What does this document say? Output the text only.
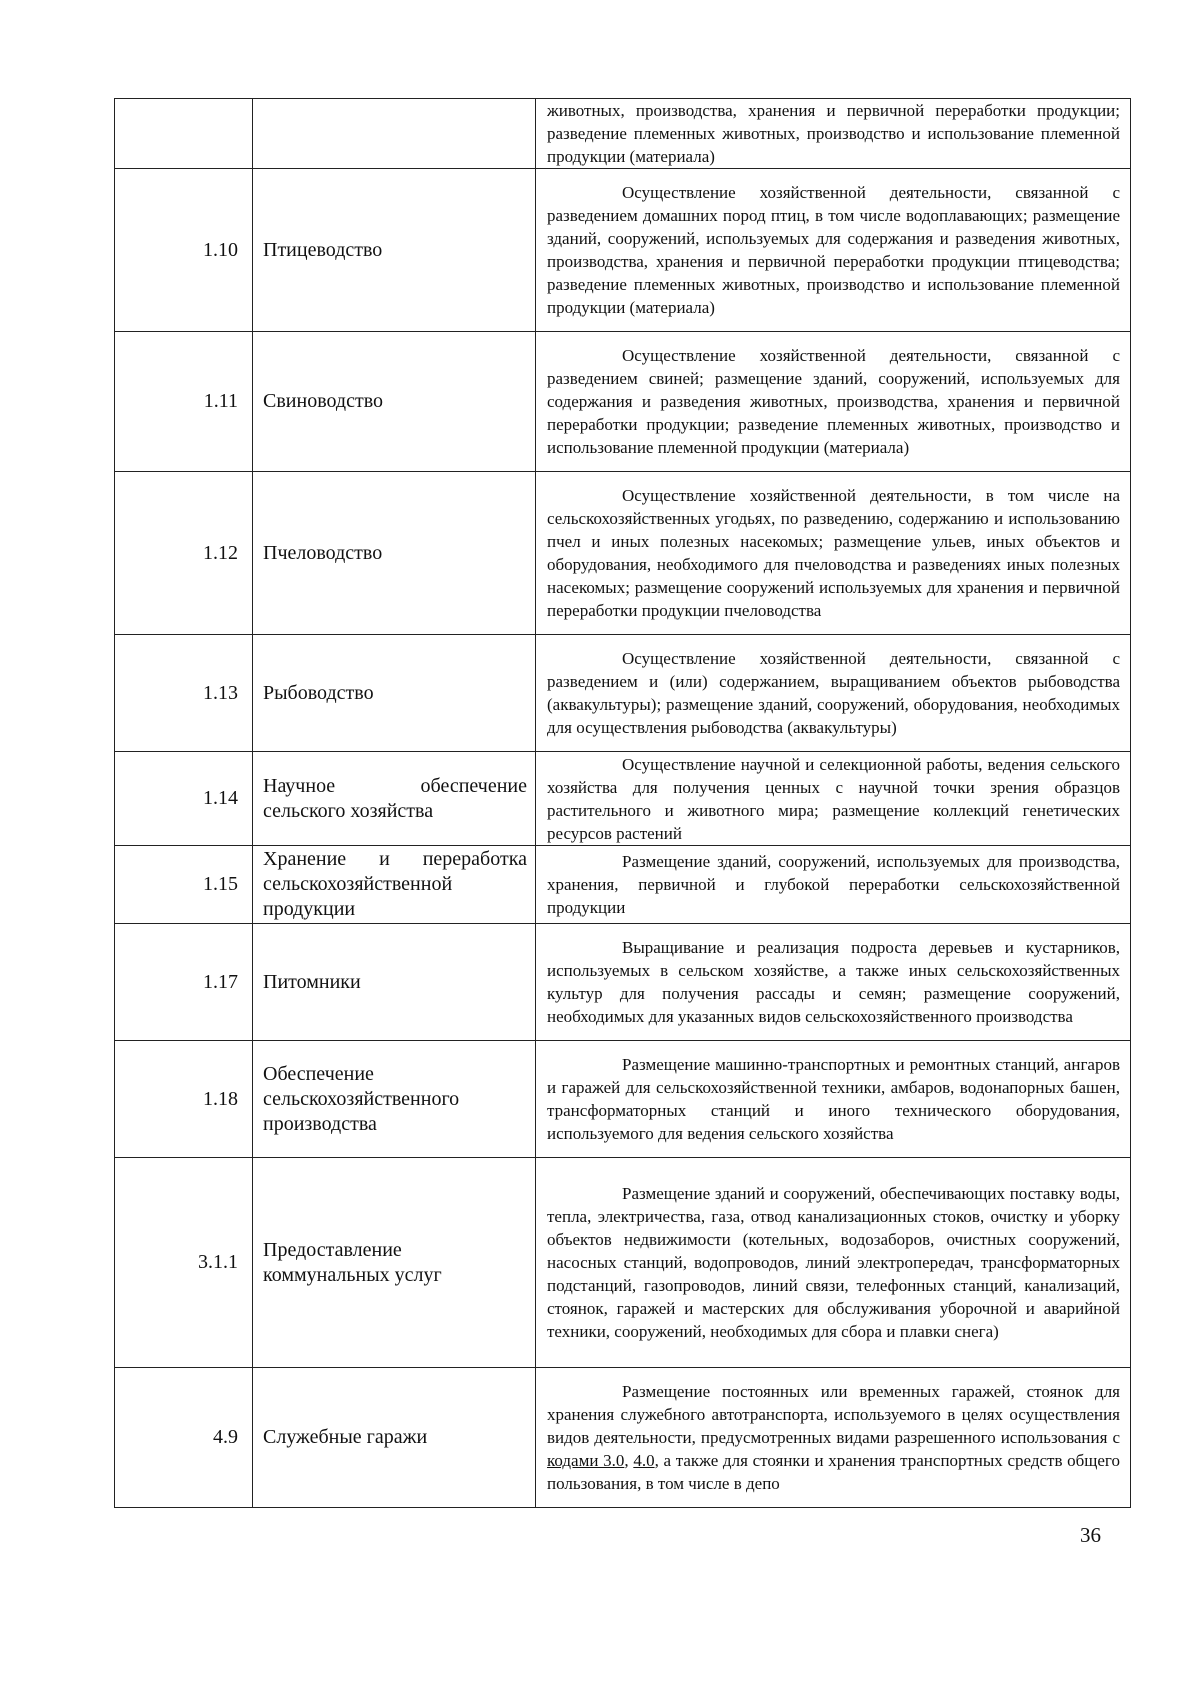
		животных, производства, хранения и первичной переработки продукции; разведение племенных животных, производство и использование племенной продукции (материала)

1.10	Птицеводство	Осуществление хозяйственной деятельности, связанной с разведением домашних пород птиц, в том числе водоплавающих; размещение зданий, сооружений, используемых для содержания и разведения животных, производства, хранения и первичной переработки продукции птицеводства; разведение племенных животных, производство и использование племенной продукции (материала)

1.11	Свиноводство	Осуществление хозяйственной деятельности, связанной с разведением свиней; размещение зданий, сооружений, используемых для содержания и разведения животных, производства, хранения и первичной переработки продукции; разведение племенных животных, производство и использование племенной продукции (материала)

1.12	Пчеловодство	Осуществление хозяйственной деятельности, в том числе на сельскохозяйственных угодьях, по разведению, содержанию и использованию пчел и иных полезных насекомых; размещение ульев, иных объектов и оборудования, необходимого для пчеловодства и разведениях иных полезных насекомых; размещение сооружений используемых для хранения и первичной переработки продукции пчеловодства

1.13	Рыбоводство	Осуществление хозяйственной деятельности, связанной с разведением и (или) содержанием, выращиванием объектов рыбоводства (аквакультуры); размещение зданий, сооружений, оборудования, необходимых для осуществления рыбоводства (аквакультуры)

1.14	Научное обеспечение сельского хозяйства	Осуществление научной и селекционной работы, ведения сельского хозяйства для получения ценных с научной точки зрения образцов растительного и животного мира; размещение коллекций генетических ресурсов растений

1.15	Хранение и переработка сельскохозяйственной продукции	Размещение зданий, сооружений, используемых для производства, хранения, первичной и глубокой переработки сельскохозяйственной продукции

1.17	Питомники	Выращивание и реализация подроста деревьев и кустарников, используемых в сельском хозяйстве, а также иных сельскохозяйственных культур для получения рассады и семян; размещение сооружений, необходимых для указанных видов сельскохозяйственного производства

1.18	Обеспечение сельскохозяйственного производства	Размещение машинно-транспортных и ремонтных станций, ангаров и гаражей для сельскохозяйственной техники, амбаров, водонапорных башен, трансформаторных станций и иного технического оборудования, используемого для ведения сельского хозяйства

3.1.1	Предоставление коммунальных услуг	Размещение зданий и сооружений, обеспечивающих поставку воды, тепла, электричества, газа, отвод канализационных стоков, очистку и уборку объектов недвижимости (котельных, водозаборов, очистных сооружений, насосных станций, водопроводов, линий электропередач, трансформаторных подстанций, газопроводов, линий связи, телефонных станций, канализаций, стоянок, гаражей и мастерских для обслуживания уборочной и аварийной техники, сооружений, необходимых для сбора и плавки снега)

4.9	Служебные гаражи	Размещение постоянных или временных гаражей, стоянок для хранения служебного автотранспорта, используемого в целях осуществления видов деятельности, предусмотренных видами разрешенного использования с кодами 3.0, 4.0, а также для стоянки и хранения транспортных средств общего пользования, в том числе в депо
36
